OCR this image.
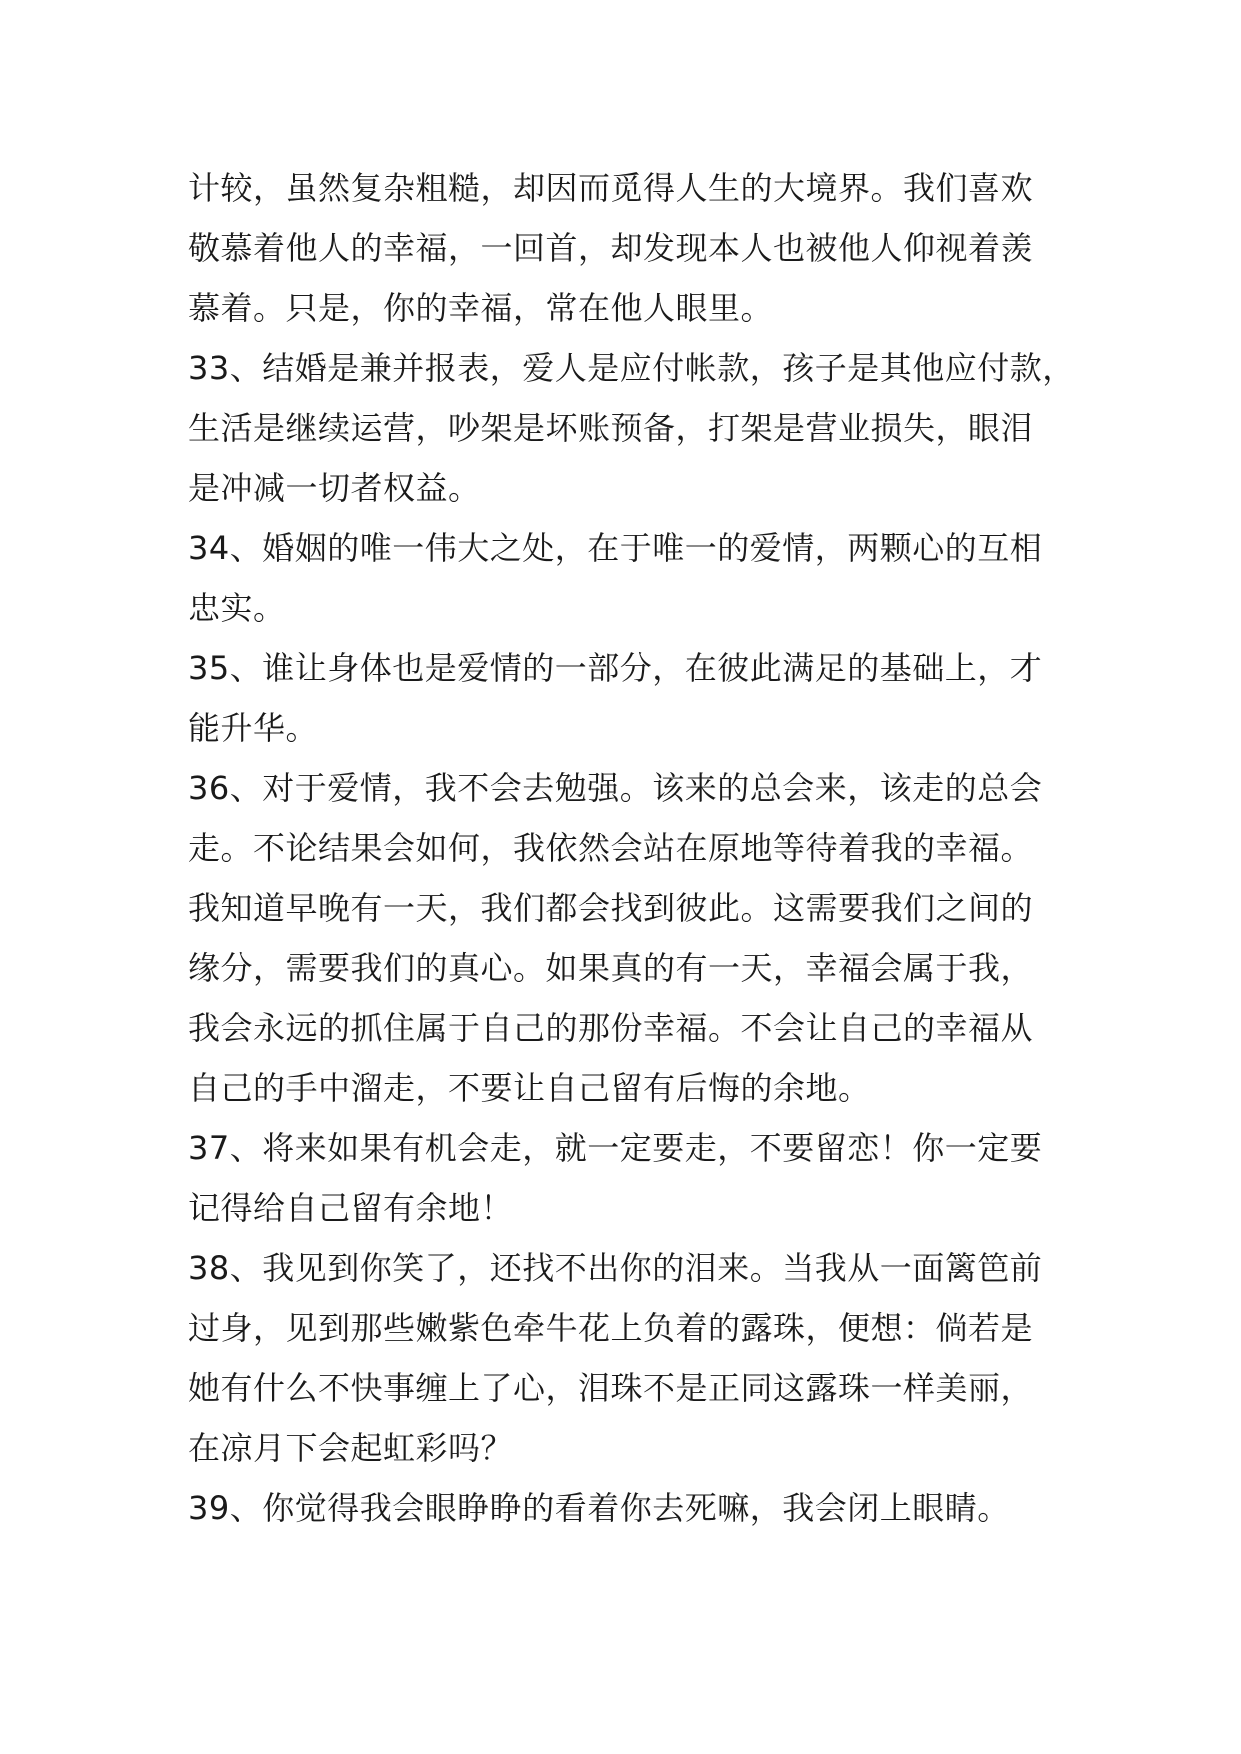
计较，虽然复杂粗糙，却因而觅得人生的大境界。我们喜欢
敬慕着他人的幸福，一回首，却发现本人也被他人仰视着羡
慕着。只是，你的幸福，常在他人眼里。
33、结婚是兼并报表，爱人是应付帐款，孩子是其他应付款，
生活是继续运营，吵架是坏账预备，打架是营业损失，眼泪
是冲减一切者权益。
34、婚姻的唯一伟大之处，在于唯一的爱情，两颗心的互相
忠实。
35、谁让身体也是爱情的一部分，在彼此满足的基础上，才
能升华。
36、对于爱情，我不会去勉强。该来的总会来，该走的总会
走。不论结果会如何，我依然会站在原地等待着我的幸福。
我知道早晚有一天，我们都会找到彼此。这需要我们之间的
缘分，需要我们的真心。如果真的有一天，幸福会属于我，
我会永远的抓住属于自己的那份幸福。不会让自己的幸福从
自己的手中溜走，不要让自己留有后悔的余地。
37、将来如果有机会走，就一定要走，不要留恋！你一定要
记得给自己留有余地！
38、我见到你笑了，还找不出你的泪来。当我从一面篱笆前
过身，见到那些嫩紫色牵牛花上负着的露珠，便想：倘若是
她有什么不快事缠上了心，泪珠不是正同这露珠一样美丽，
在凉月下会起虹彩吗？
39、你觉得我会眼睁睁的看着你去死嘛，我会闭上眼睛。
